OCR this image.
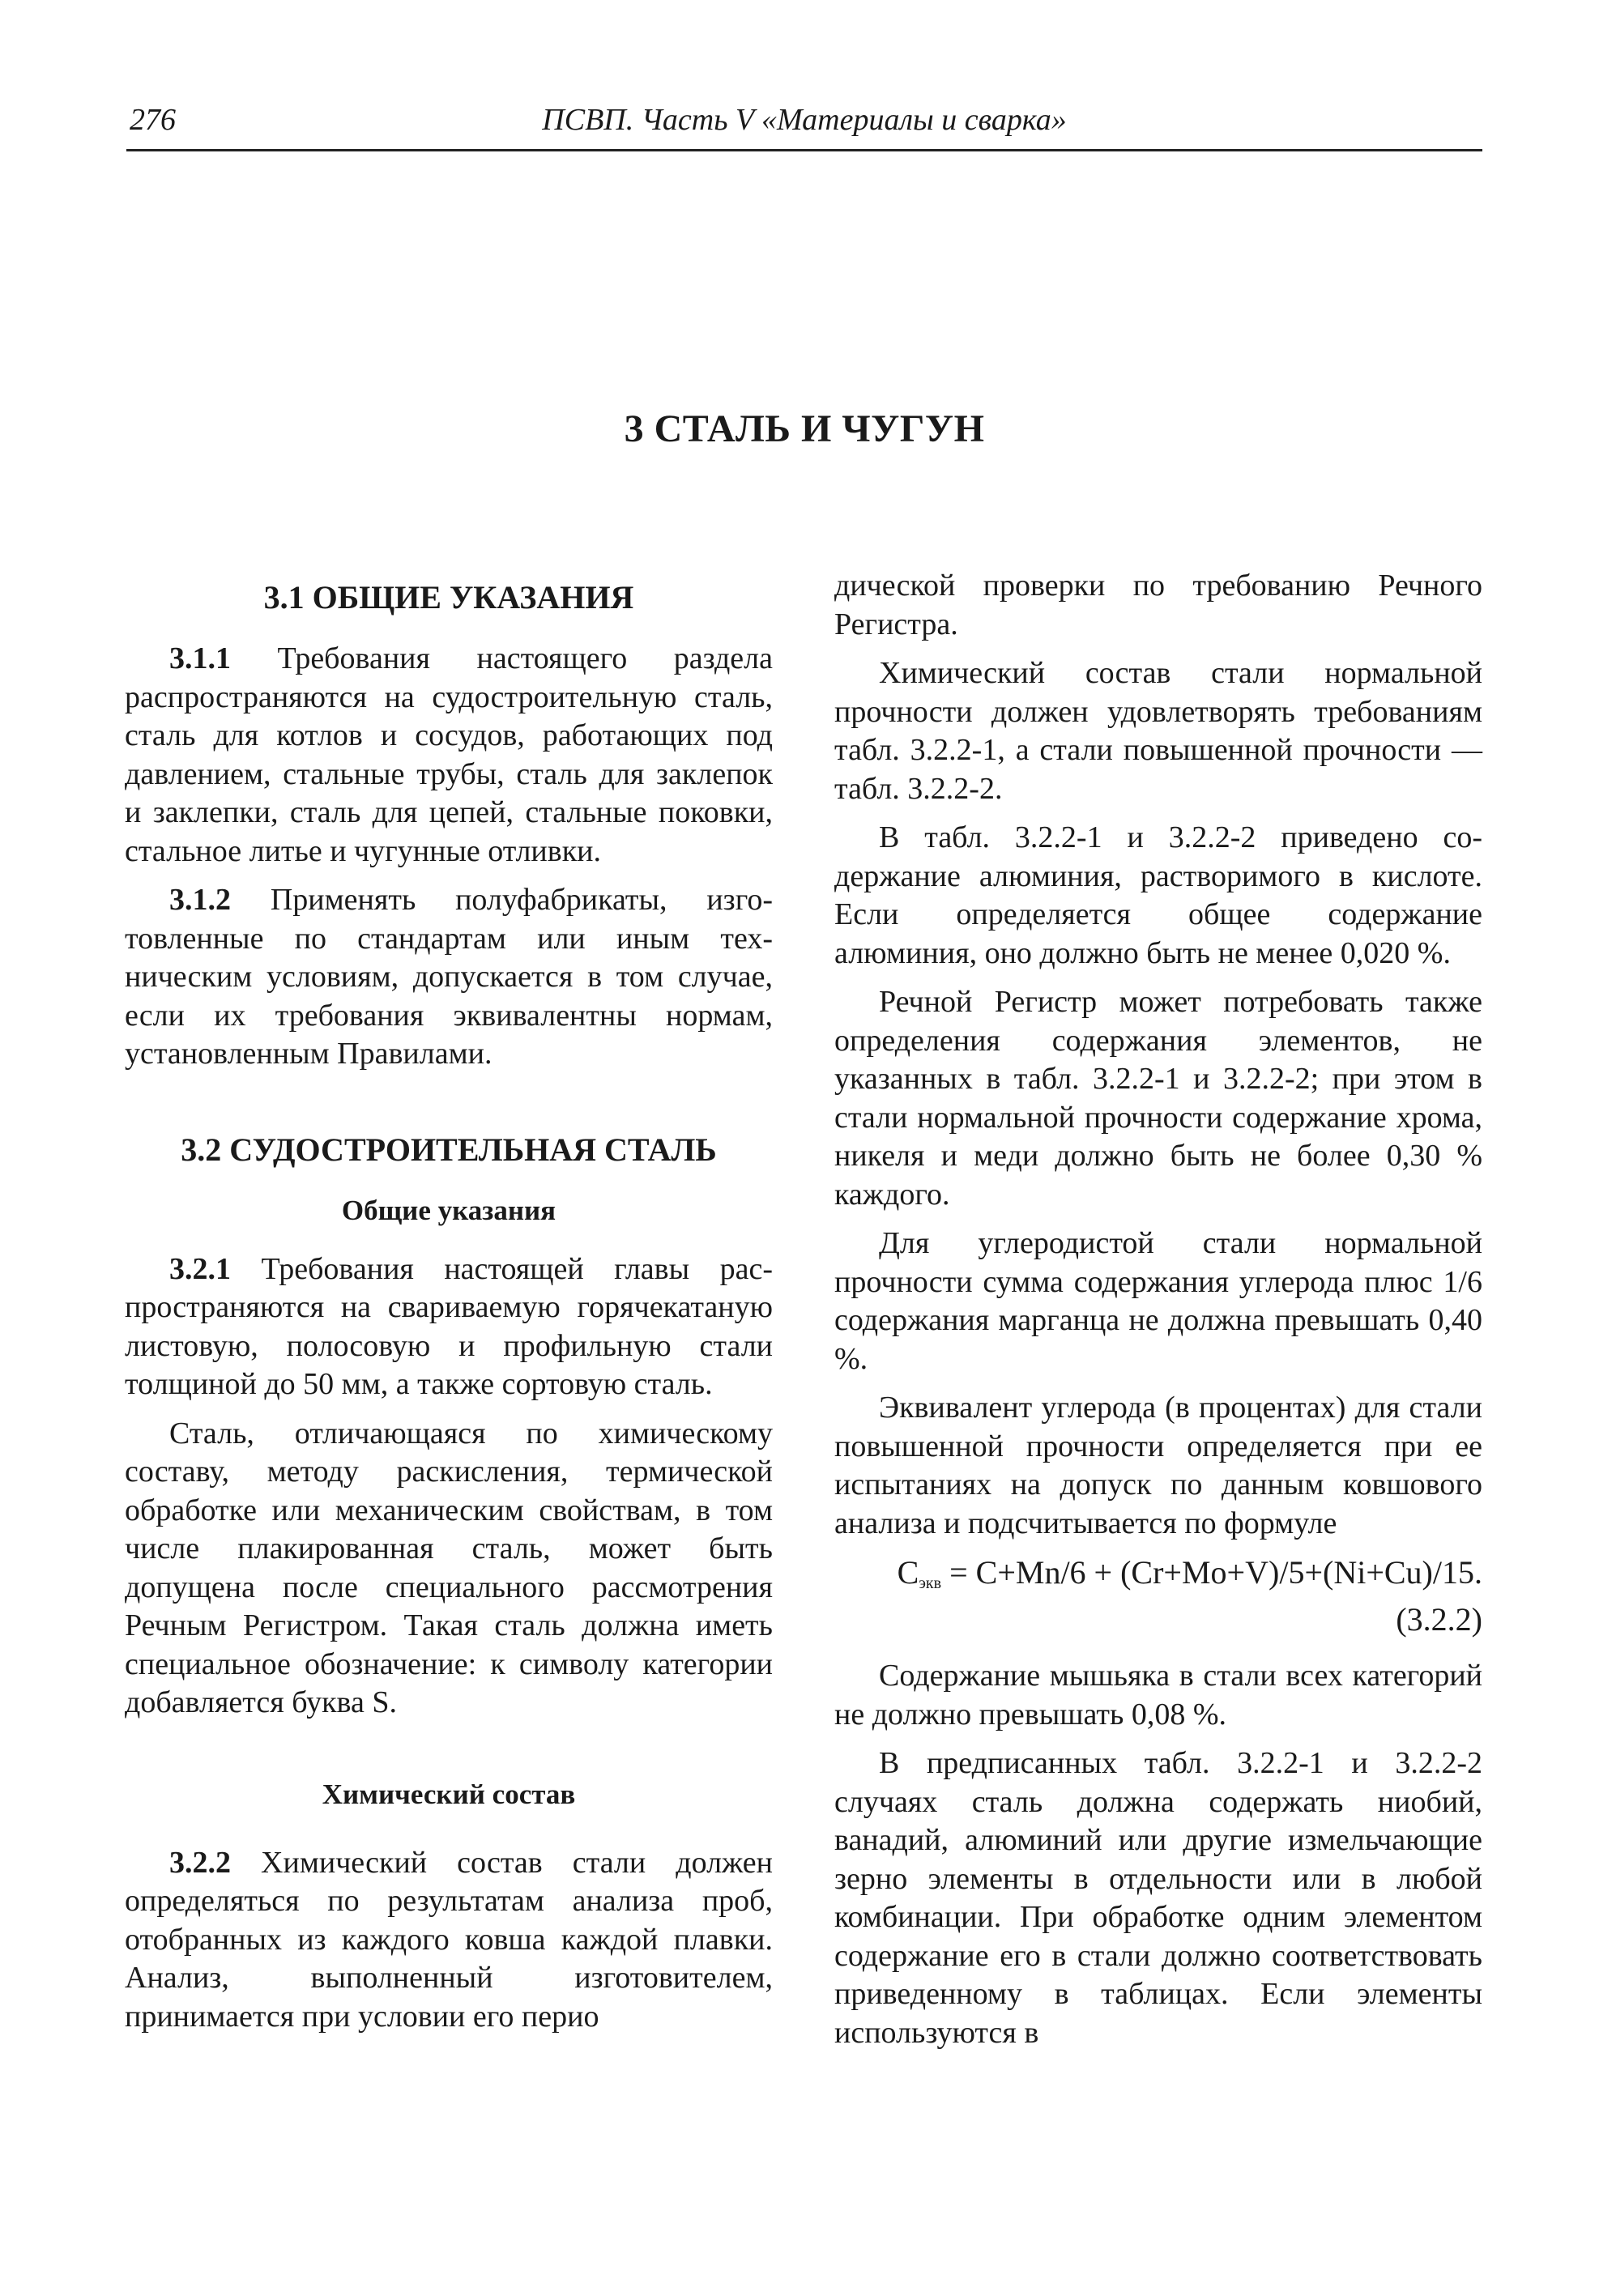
276	ПСВП. Часть V «Материалы и сварка»
3 СТАЛЬ И ЧУГУН
3.1 ОБЩИЕ УКАЗАНИЯ

3.1.1 Требования настоящего раздела распространяются на судостроительную сталь, сталь для котлов и сосудов, работающих под давлением, стальные трубы, сталь для заклепок и заклепки, сталь для цепей, стальные поковки, стальное литье и чугунные отливки.

3.1.2 Применять полуфабрикаты, изготовленные по стандартам или иным техническим условиям, допускается в том случае, если их требования эквивалентны нормам, установленным Правилами.

3.2 СУДОСТРОИТЕЛЬНАЯ СТАЛЬ
Общие указания

3.2.1 Требования настоящей главы распространяются на свариваемую горячекатаную листовую, полосовую и профильную стали толщиной до 50 мм, а также сортовую сталь.

Сталь, отличающаяся по химическому составу, методу раскисления, термической обработке или механическим свойствам, в том числе плакированная сталь, может быть допущена после специального рассмотрения Речным Регистром. Такая сталь должна иметь специальное обозначение: к символу категории добавляется буква S.

Химический состав

3.2.2 Химический состав стали должен определяться по результатам анализа проб, отобранных из каждого ковша каждой плавки. Анализ, выполненный изготовителем, принимается при условии его перио

дической проверки по требованию Речного Регистра.

Химический состав стали нормальной прочности должен удовлетворять требованиям табл. 3.2.2-1, а стали повышенной прочности — табл. 3.2.2-2.

В табл. 3.2.2-1 и 3.2.2-2 приведено содержание алюминия, растворимого в кислоте. Если определяется общее содержание алюминия, оно должно быть не менее 0,020 %.

Речной Регистр может потребовать также определения содержания элементов, не указанных в табл. 3.2.2-1 и 3.2.2-2; при этом в стали нормальной прочности содержание хрома, никеля и меди должно быть не более 0,30 % каждого.

Для углеродистой стали нормальной прочности сумма содержания углерода плюс 1/6 содержания марганца не должна превышать 0,40 %.

Эквивалент углерода (в процентах) для стали повышенной прочности определяется при ее испытаниях на допуск по данным ковшового анализа и подсчитывается по формуле

$C_{экв} = C+Mn/6 + (Cr+Mo+V)/5+(Ni+Cu)/15$.
(3.2.2)

Содержание мышьяка в стали всех категорий не должно превышать 0,08 %.

В предписанных табл. 3.2.2-1 и 3.2.2-2 случаях сталь должна содержать ниобий, ванадий, алюминий или другие измельчающие зерно элементы в отдельности или в любой комбинации. При обработке одним элементом содержание его в стали должно соответствовать приведенному в таблицах. Если элементы используются в
